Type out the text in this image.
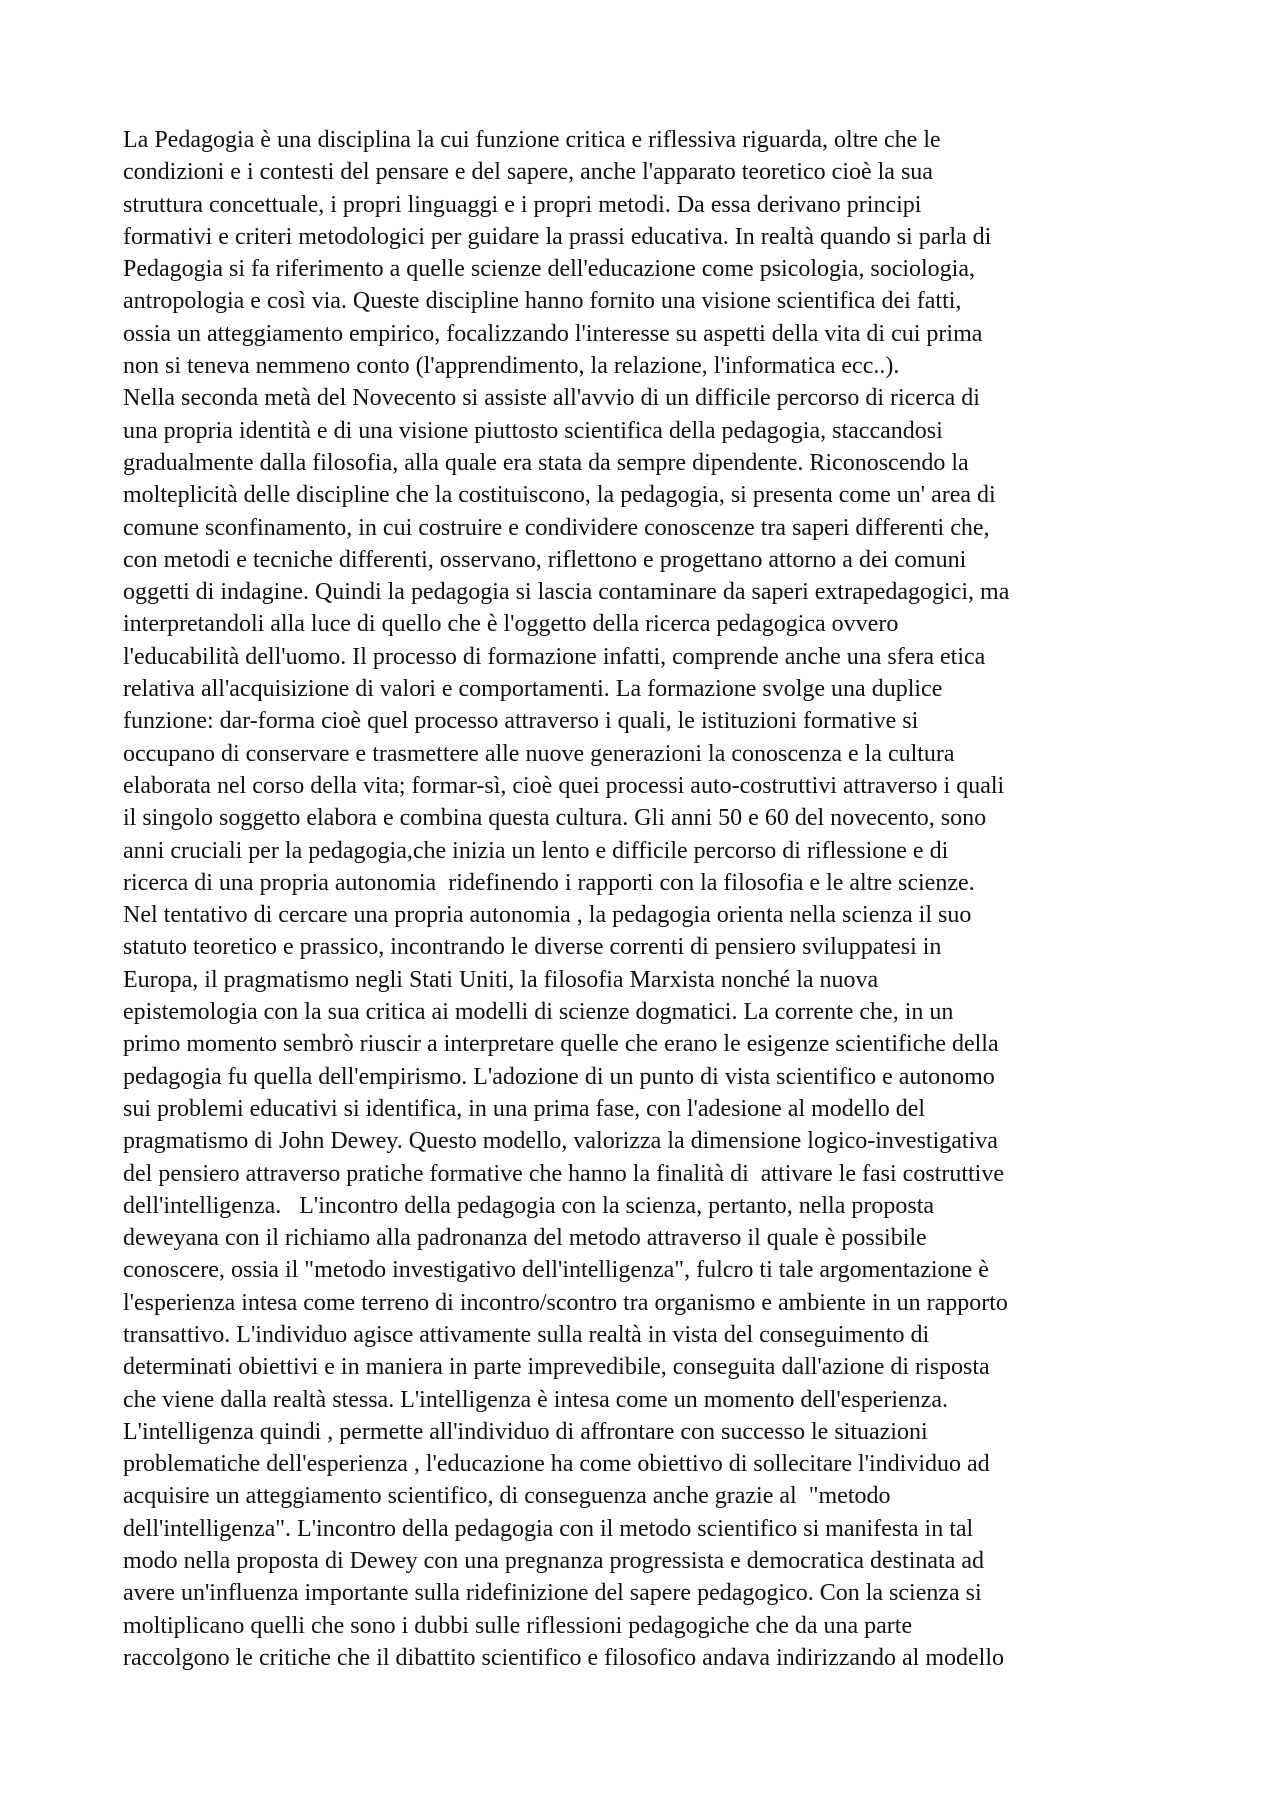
La Pedagogia è una disciplina la cui funzione critica e riflessiva riguarda, oltre che le
condizioni e i contesti del pensare e del sapere, anche l'apparato teoretico cioè la sua
struttura concettuale, i propri linguaggi e i propri metodi. Da essa derivano principi
formativi e criteri metodologici per guidare la prassi educativa. In realtà quando si parla di
Pedagogia si fa riferimento a quelle scienze dell'educazione come psicologia, sociologia,
antropologia e così via. Queste discipline hanno fornito una visione scientifica dei fatti,
ossia un atteggiamento empirico, focalizzando l'interesse su aspetti della vita di cui prima
non si teneva nemmeno conto (l'apprendimento, la relazione, l'informatica ecc..).
Nella seconda metà del Novecento si assiste all'avvio di un difficile percorso di ricerca di
una propria identità e di una visione piuttosto scientifica della pedagogia, staccandosi
gradualmente dalla filosofia, alla quale era stata da sempre dipendente. Riconoscendo la
molteplicità delle discipline che la costituiscono, la pedagogia, si presenta come un' area di
comune sconfinamento, in cui costruire e condividere conoscenze tra saperi differenti che,
con metodi e tecniche differenti, osservano, riflettono e progettano attorno a dei comuni
oggetti di indagine. Quindi la pedagogia si lascia contaminare da saperi extrapedagogici, ma
interpretandoli alla luce di quello che è l'oggetto della ricerca pedagogica ovvero
l'educabilità dell'uomo. Il processo di formazione infatti, comprende anche una sfera etica
relativa all'acquisizione di valori e comportamenti. La formazione svolge una duplice
funzione: dar-forma cioè quel processo attraverso i quali, le istituzioni formative si
occupano di conservare e trasmettere alle nuove generazioni la conoscenza e la cultura
elaborata nel corso della vita; formar-sì, cioè quei processi auto-costruttivi attraverso i quali
il singolo soggetto elabora e combina questa cultura. Gli anni 50 e 60 del novecento, sono
anni cruciali per la pedagogia,che inizia un lento e difficile percorso di riflessione e di
ricerca di una propria autonomia  ridefinendo i rapporti con la filosofia e le altre scienze.
Nel tentativo di cercare una propria autonomia , la pedagogia orienta nella scienza il suo
statuto teoretico e prassico, incontrando le diverse correnti di pensiero sviluppatesi in
Europa, il pragmatismo negli Stati Uniti, la filosofia Marxista nonché la nuova
epistemologia con la sua critica ai modelli di scienze dogmatici. La corrente che, in un
primo momento sembrò riuscir a interpretare quelle che erano le esigenze scientifiche della
pedagogia fu quella dell'empirismo. L'adozione di un punto di vista scientifico e autonomo
sui problemi educativi si identifica, in una prima fase, con l'adesione al modello del
pragmatismo di John Dewey. Questo modello, valorizza la dimensione logico-investigativa
del pensiero attraverso pratiche formative che hanno la finalità di  attivare le fasi costruttive
dell'intelligenza.   L'incontro della pedagogia con la scienza, pertanto, nella proposta
deweyana con il richiamo alla padronanza del metodo attraverso il quale è possibile
conoscere, ossia il "metodo investigativo dell'intelligenza", fulcro ti tale argomentazione è
l'esperienza intesa come terreno di incontro/scontro tra organismo e ambiente in un rapporto
transattivo. L'individuo agisce attivamente sulla realtà in vista del conseguimento di
determinati obiettivi e in maniera in parte imprevedibile, conseguita dall'azione di risposta
che viene dalla realtà stessa. L'intelligenza è intesa come un momento dell'esperienza.
L'intelligenza quindi , permette all'individuo di affrontare con successo le situazioni
problematiche dell'esperienza , l'educazione ha come obiettivo di sollecitare l'individuo ad
acquisire un atteggiamento scientifico, di conseguenza anche grazie al  "metodo
dell'intelligenza". L'incontro della pedagogia con il metodo scientifico si manifesta in tal
modo nella proposta di Dewey con una pregnanza progressista e democratica destinata ad
avere un'influenza importante sulla ridefinizione del sapere pedagogico. Con la scienza si
moltiplicano quelli che sono i dubbi sulle riflessioni pedagogiche che da una parte
raccolgono le critiche che il dibattito scientifico e filosofico andava indirizzando al modello
